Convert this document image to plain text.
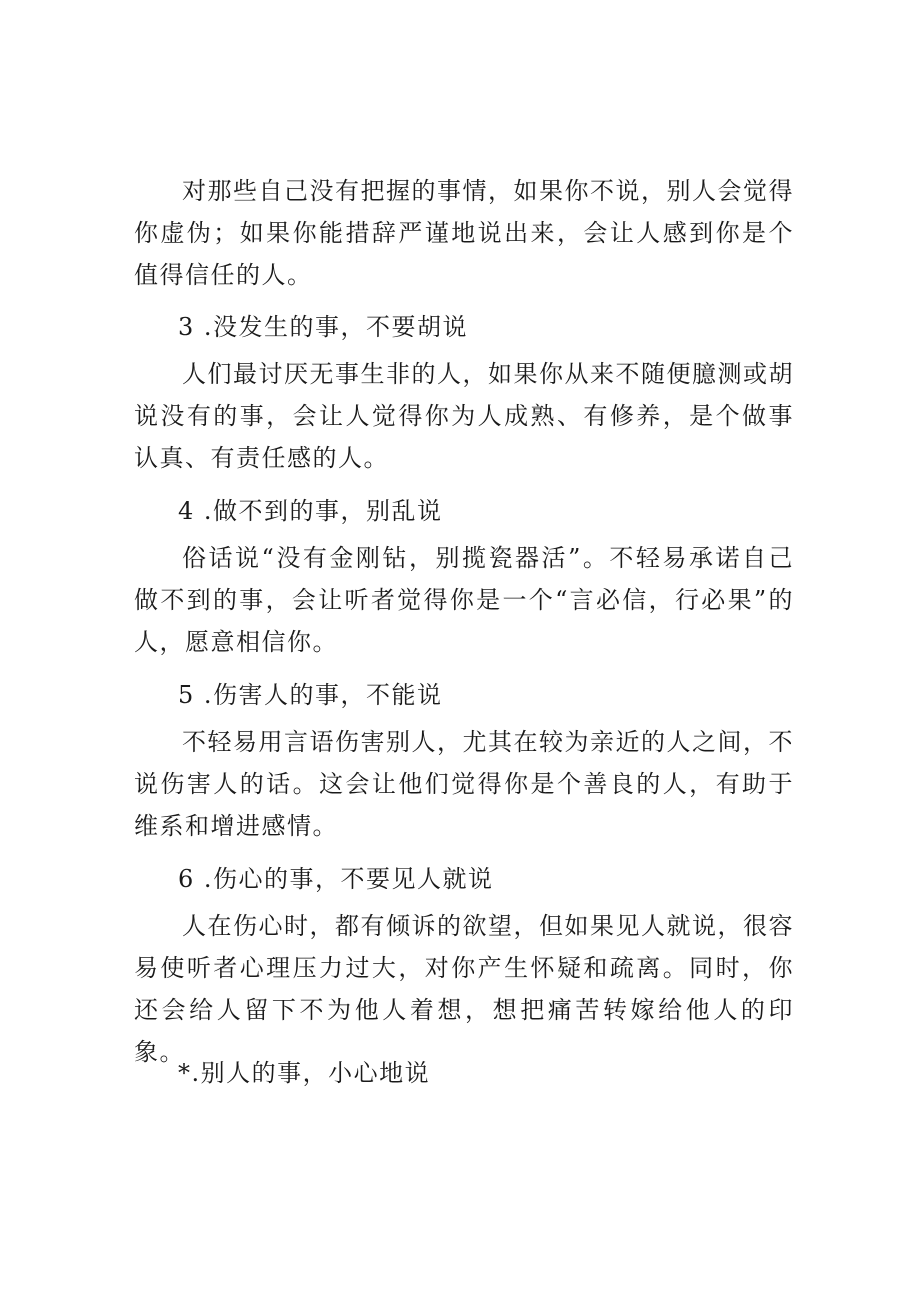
对那些自己没有把握的事情，如果你不说，别人会觉得你虚伪；如果你能措辞严谨地说出来，会让人感到你是个值得信任的人。

3 .没发生的事，不要胡说

人们最讨厌无事生非的人，如果你从来不随便臆测或胡说没有的事，会让人觉得你为人成熟、有修养，是个做事认真、有责任感的人。

4 .做不到的事，别乱说

俗话说“没有金刚钻，别揽瓷器活”。不轻易承诺自己做不到的事，会让听者觉得你是一个“言必信，行必果”的人，愿意相信你。

5 .伤害人的事，不能说

不轻易用言语伤害别人，尤其在较为亲近的人之间，不说伤害人的话。这会让他们觉得你是个善良的人，有助于维系和增进感情。

6 .伤心的事，不要见人就说

人在伤心时，都有倾诉的欲望，但如果见人就说，很容易使听者心理压力过大，对你产生怀疑和疏离。同时，你还会给人留下不为他人着想，想把痛苦转嫁给他人的印象。

*.别人的事，小心地说
